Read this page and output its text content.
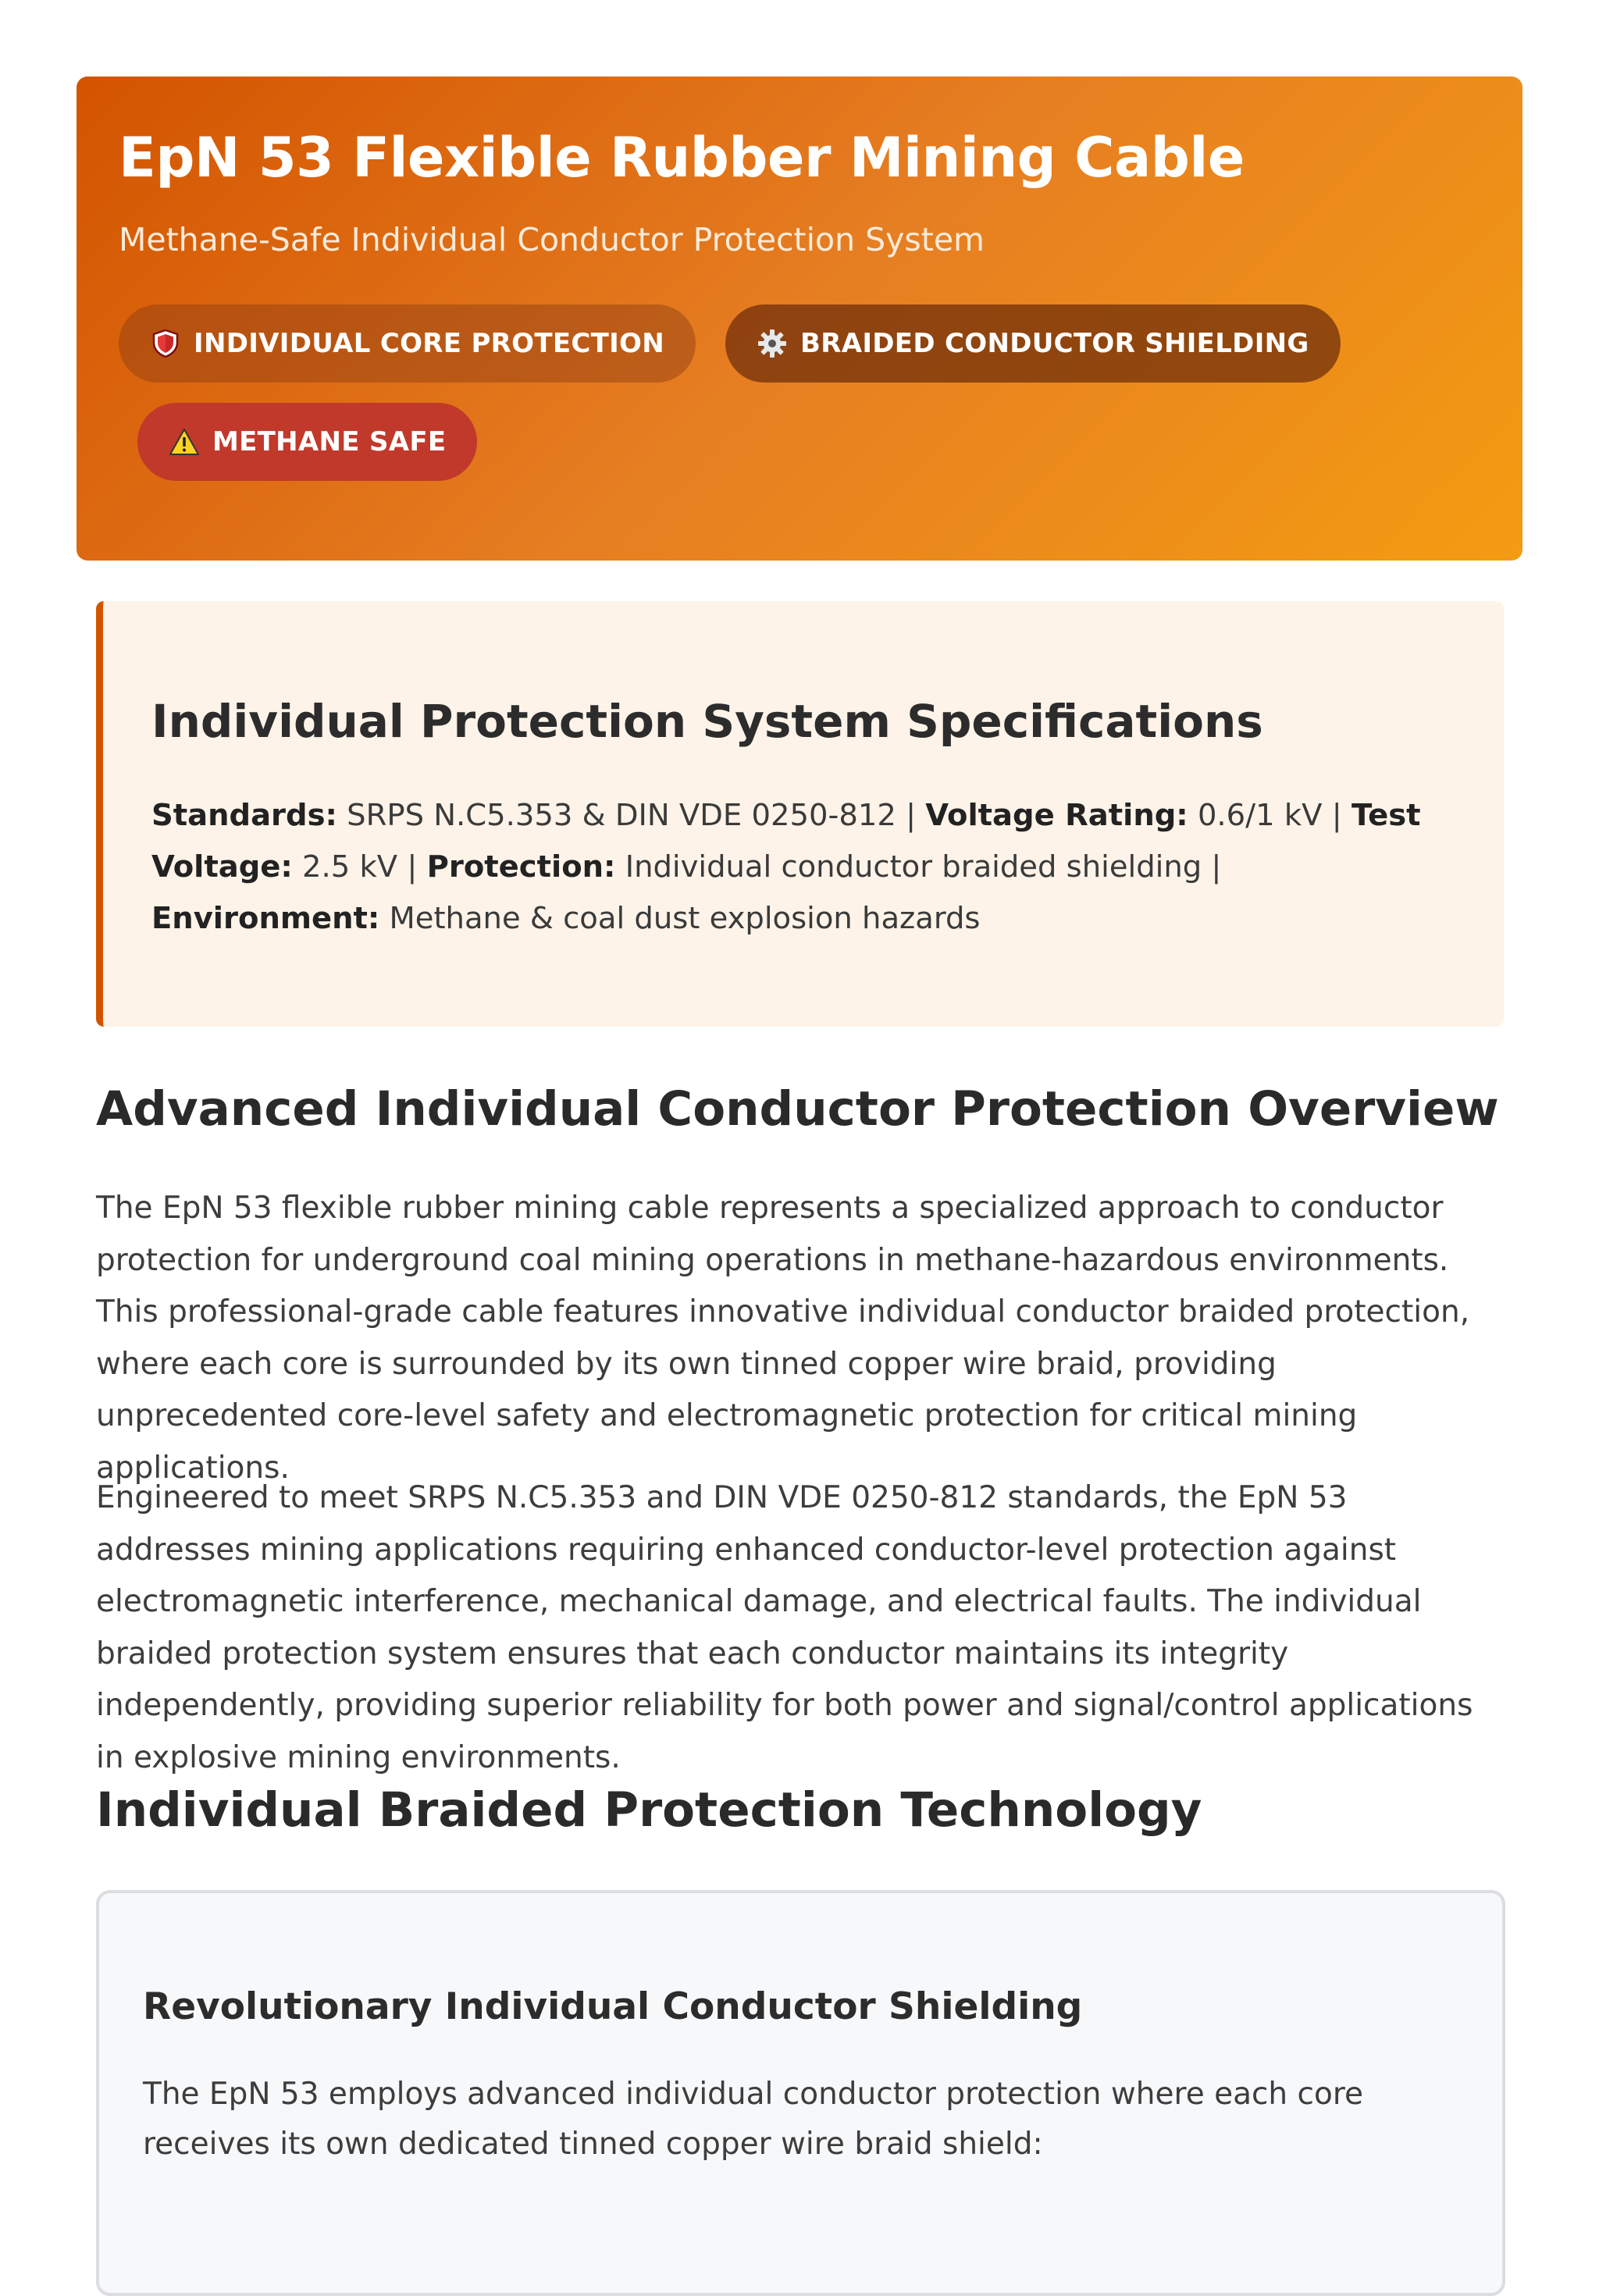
EpN 53 Flexible Rubber Mining Cable

Methane-Safe Individual Conductor Protection System

INDIVIDUAL CORE PROTECTION	BRAIDED CONDUCTOR SHIELDING
METHANE SAFE
Individual Protection System Specifications
Standards: SRPS N.C5.353 & DIN VDE 0250-812 | Voltage Rating: 0.6/1 kV | Test Voltage: 2.5 kV | Protection: Individual conductor braided shielding | Environment: Methane & coal dust explosion hazards
Advanced Individual Conductor Protection Overview

The EpN 53 flexible rubber mining cable represents a specialized approach to conductor protection for underground coal mining operations in methane-hazardous environments. This professional-grade cable features innovative individual conductor braided protection, where each core is surrounded by its own tinned copper wire braid, providing unprecedented core-level safety and electromagnetic protection for critical mining applications.

Engineered to meet SRPS N.C5.353 and DIN VDE 0250-812 standards, the EpN 53 addresses mining applications requiring enhanced conductor-level protection against electromagnetic interference, mechanical damage, and electrical faults. The individual braided protection system ensures that each conductor maintains its integrity independently, providing superior reliability for both power and signal/control applications in explosive mining environments.

Individual Braided Protection Technology
Revolutionary Individual Conductor Shielding

The EpN 53 employs advanced individual conductor protection where each core receives its own dedicated tinned copper wire braid shield:
